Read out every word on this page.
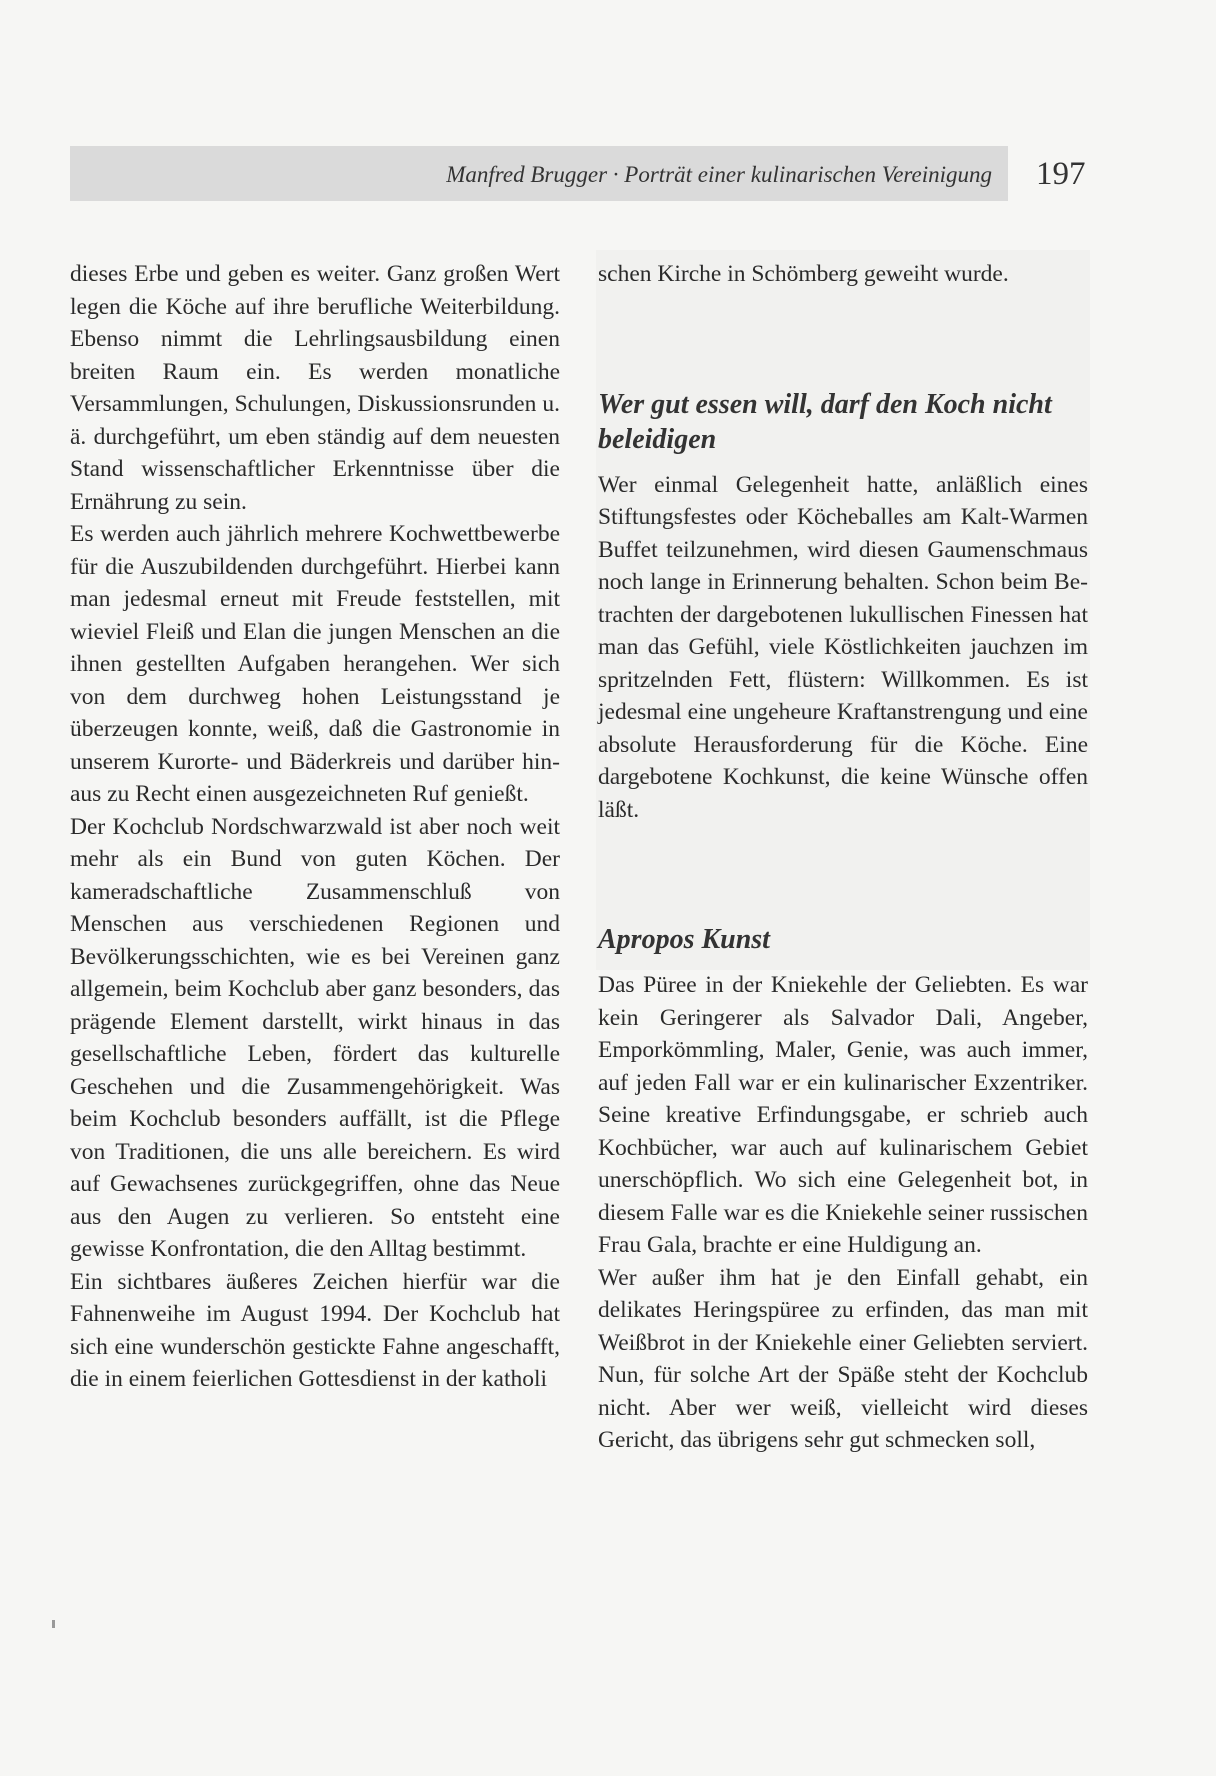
Manfred Brugger · Porträt einer kulinarischen Vereinigung 197

dieses Erbe und geben es weiter. Ganz großen Wert legen die Köche auf ihre berufliche Weiterbildung. Ebenso nimmt die Lehrlingsausbildung einen breiten Raum ein. Es werden monatliche Versammlungen, Schulungen, Diskussionsrunden u. ä. durchgeführt, um eben ständig auf dem neuesten Stand wissenschaftlicher Erkenntnisse über die Ernährung zu sein.

Es werden auch jährlich mehrere Kochwettbewerbe für die Auszubildenden durchgeführt. Hierbei kann man jedesmal erneut mit Freude feststellen, mit wieviel Fleiß und Elan die jungen Menschen an die ihnen gestellten Aufgaben herangehen. Wer sich von dem durchweg hohen Leistungsstand je überzeugen konnte, weiß, daß die Gastronomie in unserem Kurorte- und Bäderkreis und darüber hinaus zu Recht einen ausgezeichneten Ruf genießt.

Der Kochclub Nordschwarzwald ist aber noch weit mehr als ein Bund von guten Köchen. Der kameradschaftliche Zusammenschluß von Menschen aus verschiedenen Regionen und Bevölkerungsschichten, wie es bei Vereinen ganz allgemein, beim Kochclub aber ganz besonders, das prägende Element darstellt, wirkt hinaus in das gesellschaftliche Leben, fördert das kulturelle Geschehen und die Zusammengehörigkeit. Was beim Kochclub besonders auffällt, ist die Pflege von Traditionen, die uns alle bereichern. Es wird auf Gewachsenes zurückgegriffen, ohne das Neue aus den Augen zu verlieren. So entsteht eine gewisse Konfrontation, die den Alltag bestimmt.

Ein sichtbares äußeres Zeichen hierfür war die Fahnenweihe im August 1994. Der Kochclub hat sich eine wunderschön gestickte Fahne angeschafft, die in einem feierlichen Gottesdienst in der katholi

schen Kirche in Schömberg geweiht wurde.

Wer gut essen will, darf den Koch nicht beleidigen

Wer einmal Gelegenheit hatte, anläßlich eines Stiftungsfestes oder Köcheballes am Kalt-Warmen Buffet teilzunehmen, wird diesen Gaumenschmaus noch lange in Erinnerung behalten. Schon beim Betrachten der dargebotenen lukullischen Finessen hat man das Gefühl, viele Köstlichkeiten jauchzen im spritzelnden Fett, flüstern: Willkommen. Es ist jedesmal eine ungeheure Kraftanstrengung und eine absolute Herausforderung für die Köche. Eine dargebotene Kochkunst, die keine Wünsche offen läßt.

Apropos Kunst

Das Püree in der Kniekehle der Geliebten. Es war kein Geringerer als Salvador Dali, Angeber, Emporkömmling, Maler, Genie, was auch immer, auf jeden Fall war er ein kulinarischer Exzentriker. Seine kreative Erfindungsgabe, er schrieb auch Kochbücher, war auch auf kulinarischem Gebiet unerschöpflich. Wo sich eine Gelegenheit bot, in diesem Falle war es die Kniekehle seiner russischen Frau Gala, brachte er eine Huldigung an.

Wer außer ihm hat je den Einfall gehabt, ein delikates Heringspüree zu erfinden, das man mit Weißbrot in der Kniekehle einer Geliebten serviert. Nun, für solche Art der Späße steht der Kochclub nicht. Aber wer weiß, vielleicht wird dieses Gericht, das übrigens sehr gut schmecken soll,
